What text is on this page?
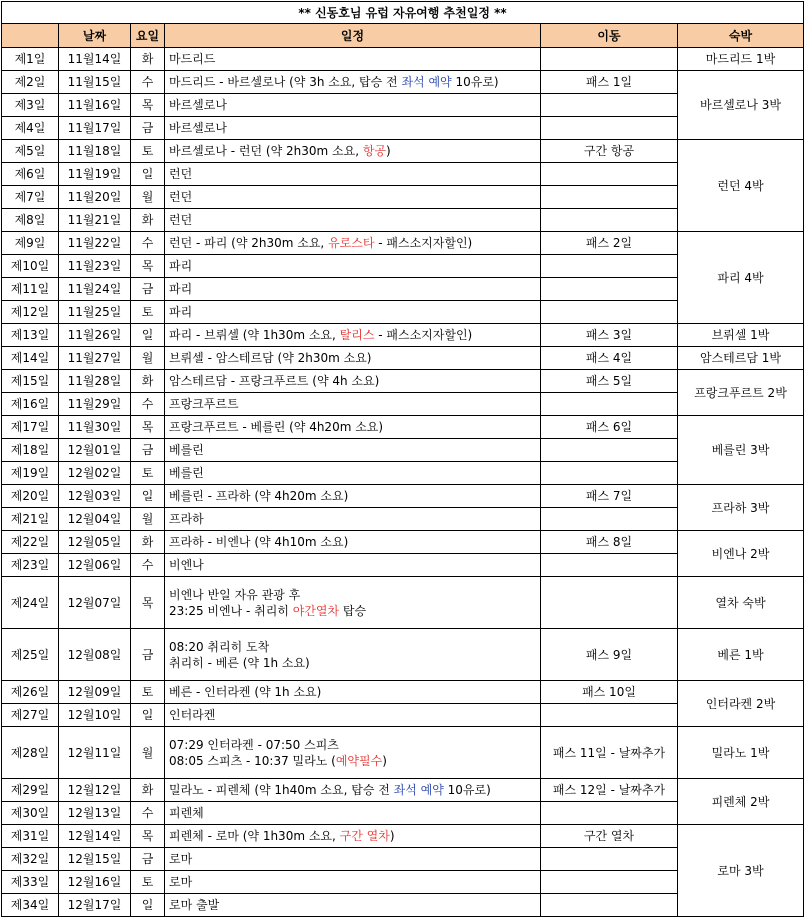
** 신동호님 유럽 자유여행 추천일정 **					
	날짜	요일	일정	이동	숙박
제1일	11월14일	화	마드리드		마드리드 1박
제2일	11월15일	수	마드리드 - 바르셀로나 (약 3h 소요, 탑승 전 좌석 예약 10유로)	패스 1일	바르셀로나 3박
제3일	11월16일	목	바르셀로나		

제4일	11월17일	금	바르셀로나		

제5일	11월18일	토	바르셀로나 - 런던 (약 2h30m 소요, 항공)	구간 항공	런던 4박
제6일	11월19일	일	런던		

제7일	11월20일	월	런던		

제8일	11월21일	화	런던		

제9일	11월22일	수	런던 - 파리 (약 2h30m 소요, 유로스타 - 패스소지자할인)	패스 2일	파리 4박
제10일	11월23일	목	파리		

제11일	11월24일	금	파리		

제12일	11월25일	토	파리		

제13일	11월26일	일	파리 - 브뤼셀 (약 1h30m 소요, 탈리스 - 패스소지자할인)	패스 3일	브뤼셀 1박
제14일	11월27일	월	브뤼셀 - 암스테르담 (약 2h30m 소요)	패스 4일	암스테르담 1박
제15일	11월28일	화	암스테르담 - 프랑크푸르트 (약 4h 소요)	패스 5일	프랑크푸르트 2박
제16일	11월29일	수	프랑크푸르트		

제17일	11월30일	목	프랑크푸르트 - 베를린 (약 4h20m 소요)	패스 6일	베를린 3박
제18일	12월01일	금	베를린		

제19일	12월02일	토	베를린		

제20일	12월03일	일	베를린 - 프라하 (약 4h20m 소요)	패스 7일	프라하 3박
제21일	12월04일	월	프라하		

제22일	12월05일	화	프라하 - 비엔나 (약 4h10m 소요)	패스 8일	비엔나 2박
제23일	12월06일	수	비엔나		

제24일	12월07일	목	비엔나 반일 자유 관광 후
23:25 비엔나 - 취리히 야간열차 탑승		열차 숙박
제25일	12월08일	금	08:20 취리히 도착
취리히 - 베른 (약 1h 소요)	패스 9일	베른 1박
제26일	12월09일	토	베른 - 인터라켄 (약 1h 소요)	패스 10일	인터라켄 2박
제27일	12월10일	일	인터라켄		

제28일	12월11일	월	07:29 인터라켄 - 07:50 스피츠
08:05 스피츠 - 10:37 밀라노 (예약필수)	패스 11일 - 날짜추가	밀라노 1박
제29일	12월12일	화	밀라노 - 피렌체 (약 1h40m 소요, 탑승 전 좌석 예약 10유로)	패스 12일 - 날짜추가	피렌체 2박
제30일	12월13일	수	피렌체		

제31일	12월14일	목	피렌체 - 로마 (약 1h30m 소요, 구간 열차)	구간 열차	로마 3박
제32일	12월15일	금	로마		

제33일	12월16일	토	로마		

제34일	12월17일	일	로마 출발		
